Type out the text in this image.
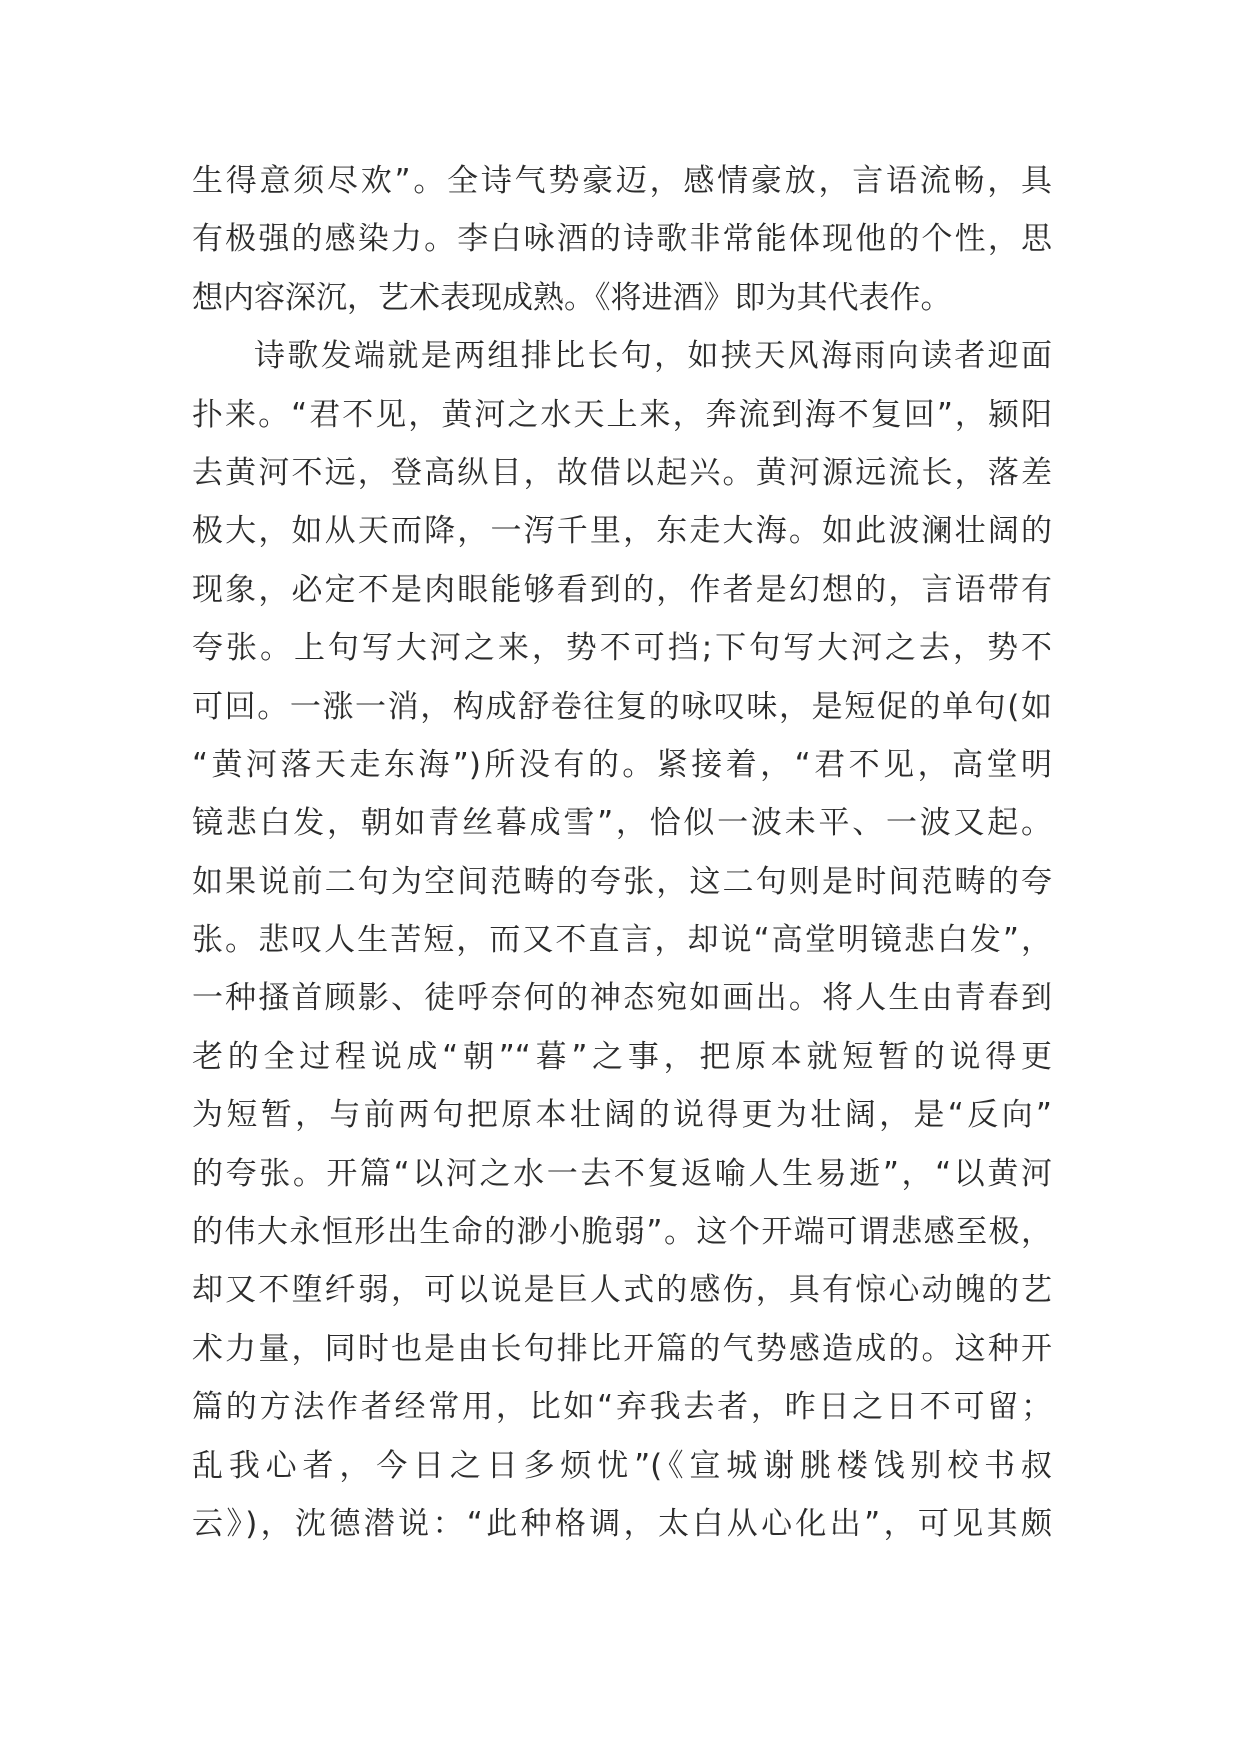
生得意须尽欢”。全诗气势豪迈，感情豪放，言语流畅，具
有极强的感染力。李白咏酒的诗歌非常能体现他的个性，思
想内容深沉，艺术表现成熟。《将进酒》即为其代表作。
诗歌发端就是两组排比长句，如挟天风海雨向读者迎面
扑来。“君不见，黄河之水天上来，奔流到海不复回”，颍阳
去黄河不远，登高纵目，故借以起兴。黄河源远流长，落差
极大，如从天而降，一泻千里，东走大海。如此波澜壮阔的
现象，必定不是肉眼能够看到的，作者是幻想的，言语带有
夸张。上句写大河之来，势不可挡;下句写大河之去，势不
可回。一涨一消，构成舒卷往复的咏叹味，是短促的单句(如
“黄河落天走东海”)所没有的。紧接着，“君不见，高堂明
镜悲白发，朝如青丝暮成雪”，恰似一波未平、一波又起。
如果说前二句为空间范畴的夸张，这二句则是时间范畴的夸
张。悲叹人生苦短，而又不直言，却说“高堂明镜悲白发”，
一种搔首顾影、徒呼奈何的神态宛如画出。将人生由青春到
老的全过程说成“朝”“暮”之事，把原本就短暂的说得更
为短暂，与前两句把原本壮阔的说得更为壮阔，是“反向”
的夸张。开篇“以河之水一去不复返喻人生易逝”，“以黄河
的伟大永恒形出生命的渺小脆弱”。这个开端可谓悲感至极，
却又不堕纤弱，可以说是巨人式的感伤，具有惊心动魄的艺
术力量，同时也是由长句排比开篇的气势感造成的。这种开
篇的方法作者经常用，比如“弃我去者，昨日之日不可留；
乱我心者，今日之日多烦忧”(《宣城谢朓楼饯别校书叔
云》)，沈德潜说：“此种格调，太白从心化出”，可见其颇
